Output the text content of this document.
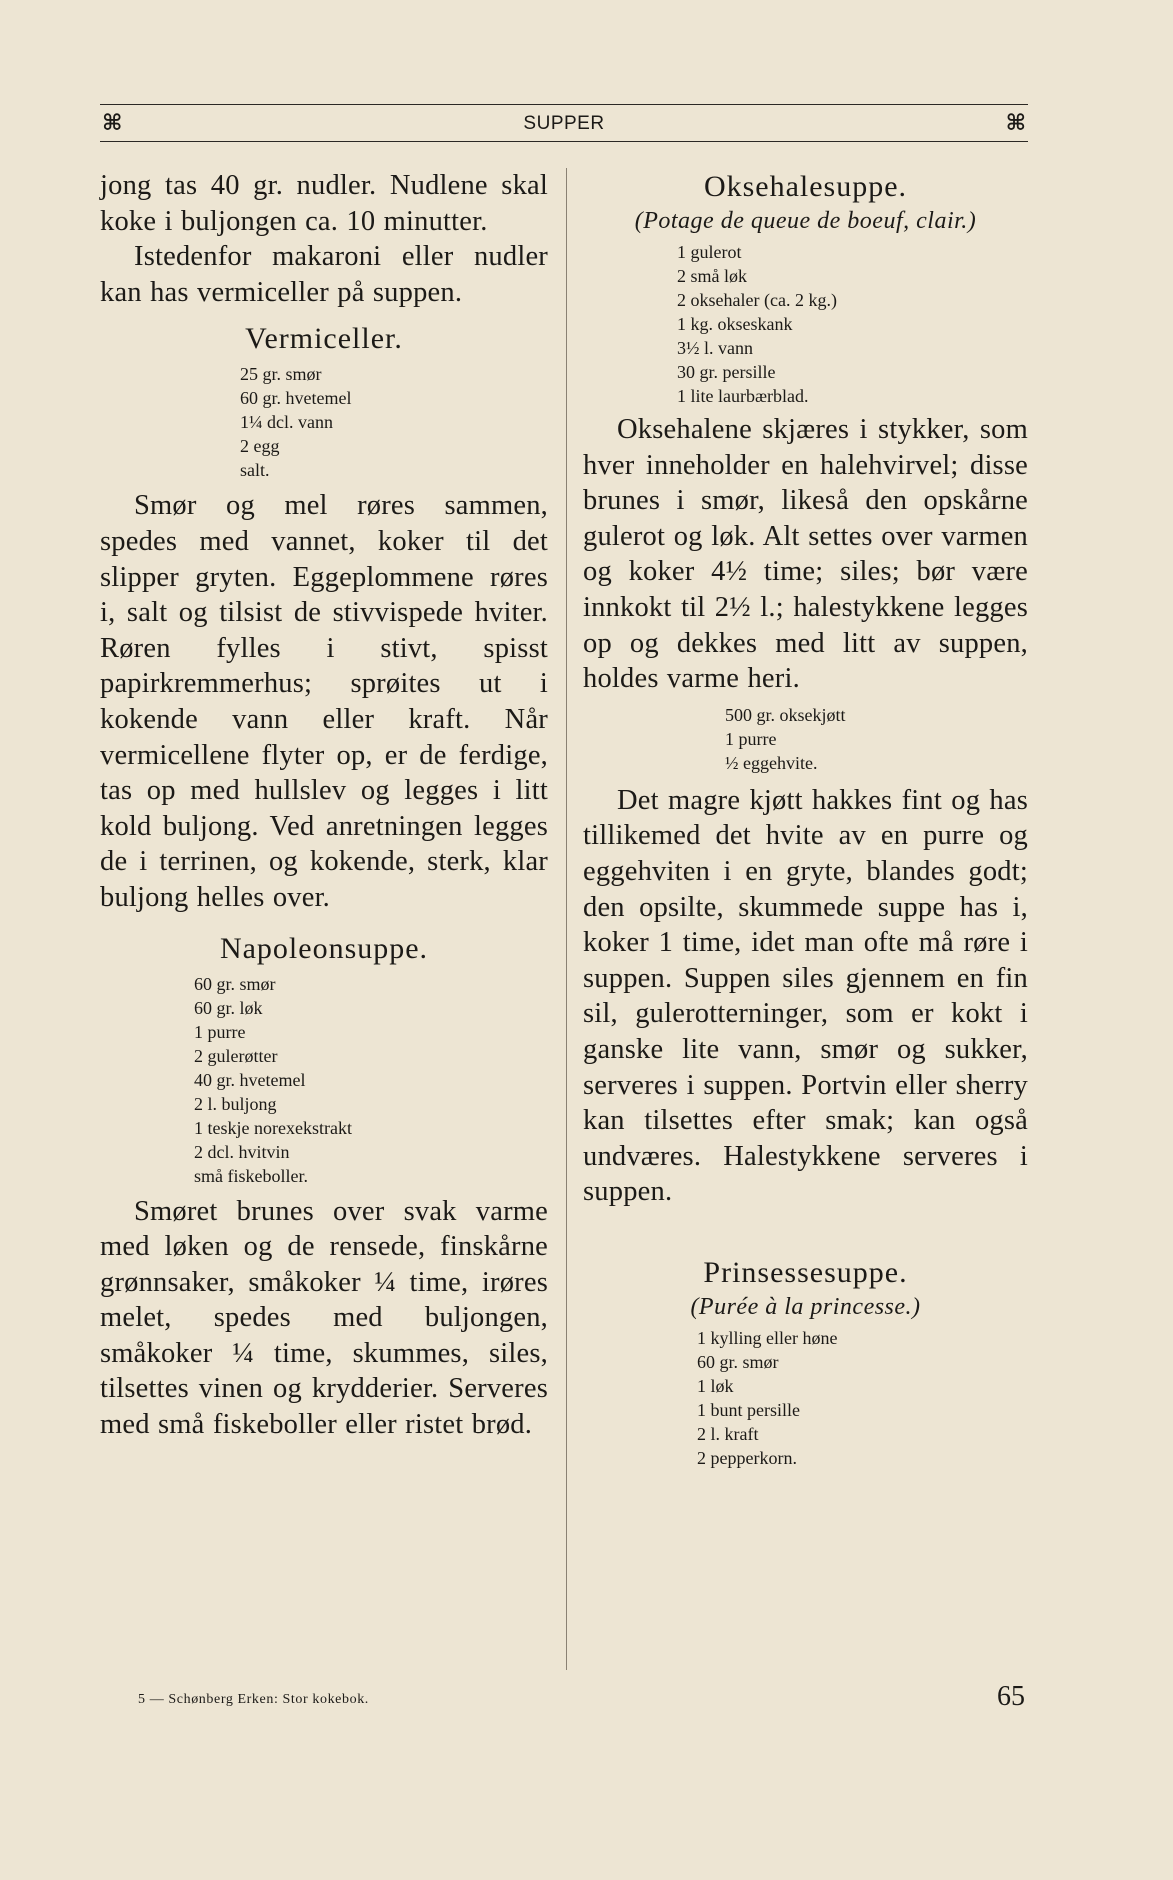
⌘	SUPPER	⌘

jong tas 40 gr. nudler. Nudlene skal koke i buljongen ca. 10 minutter.

Istedenfor makaroni eller nudler kan has vermiceller på suppen.

Vermiceller.

25 gr. smør
60 gr. hvetemel
1¼ dcl. vann
2 egg
salt.

Smør og mel røres sammen, spedes med vannet, koker til det slipper gryten. Eggeplommene røres i, salt og tilsist de stivvispede hviter. Røren fylles i stivt, spisst papirkremmerhus; sprøites ut i kokende vann eller kraft. Når vermicellene flyter op, er de ferdige, tas op med hullslev og legges i litt kold buljong. Ved anretningen legges de i terrinen, og kokende, sterk, klar buljong helles over.

Napoleonsuppe.

60 gr. smør
60 gr. løk
1 purre
2 gulerøtter
40 gr. hvetemel
2 l. buljong
1 teskje norexekstrakt
2 dcl. hvitvin
små fiskeboller.

Smøret brunes over svak varme med løken og de rensede, finskårne grønnsaker, småkoker ¼ time, irøres melet, spedes med buljongen, småkoker ¼ time, skummes, siles, tilsettes vinen og krydderier. Serveres med små fiskeboller eller ristet brød.

Oksehalesuppe.

(Potage de queue de boeuf, clair.)

1 gulerot
2 små løk
2 oksehaler (ca. 2 kg.)
1 kg. okseskank
3½ l. vann
30 gr. persille
1 lite laurbærblad.

Oksehalene skjæres i stykker, som hver inneholder en halehvirvel; disse brunes i smør, likeså den opskårne gulerot og løk. Alt settes over varmen og koker 4½ time; siles; bør være innkokt til 2½ l.; halestykkene legges op og dekkes med litt av suppen, holdes varme heri.

500 gr. oksekjøtt
1 purre
½ eggehvite.

Det magre kjøtt hakkes fint og has tillikemed det hvite av en purre og eggehviten i en gryte, blandes godt; den opsilte, skummede suppe has i, koker 1 time, idet man ofte må røre i suppen. Suppen siles gjennem en fin sil, gulerotterninger, som er kokt i ganske lite vann, smør og sukker, serveres i suppen. Portvin eller sherry kan tilsettes efter smak; kan også undværes. Halestykkene serveres i suppen.

Prinsessesuppe.

(Purée à la princesse.)

1 kylling eller høne
60 gr. smør
1 løk
1 bunt persille
2 l. kraft
2 pepperkorn.
5 — Schønberg Erken: Stor kokebok.	65
